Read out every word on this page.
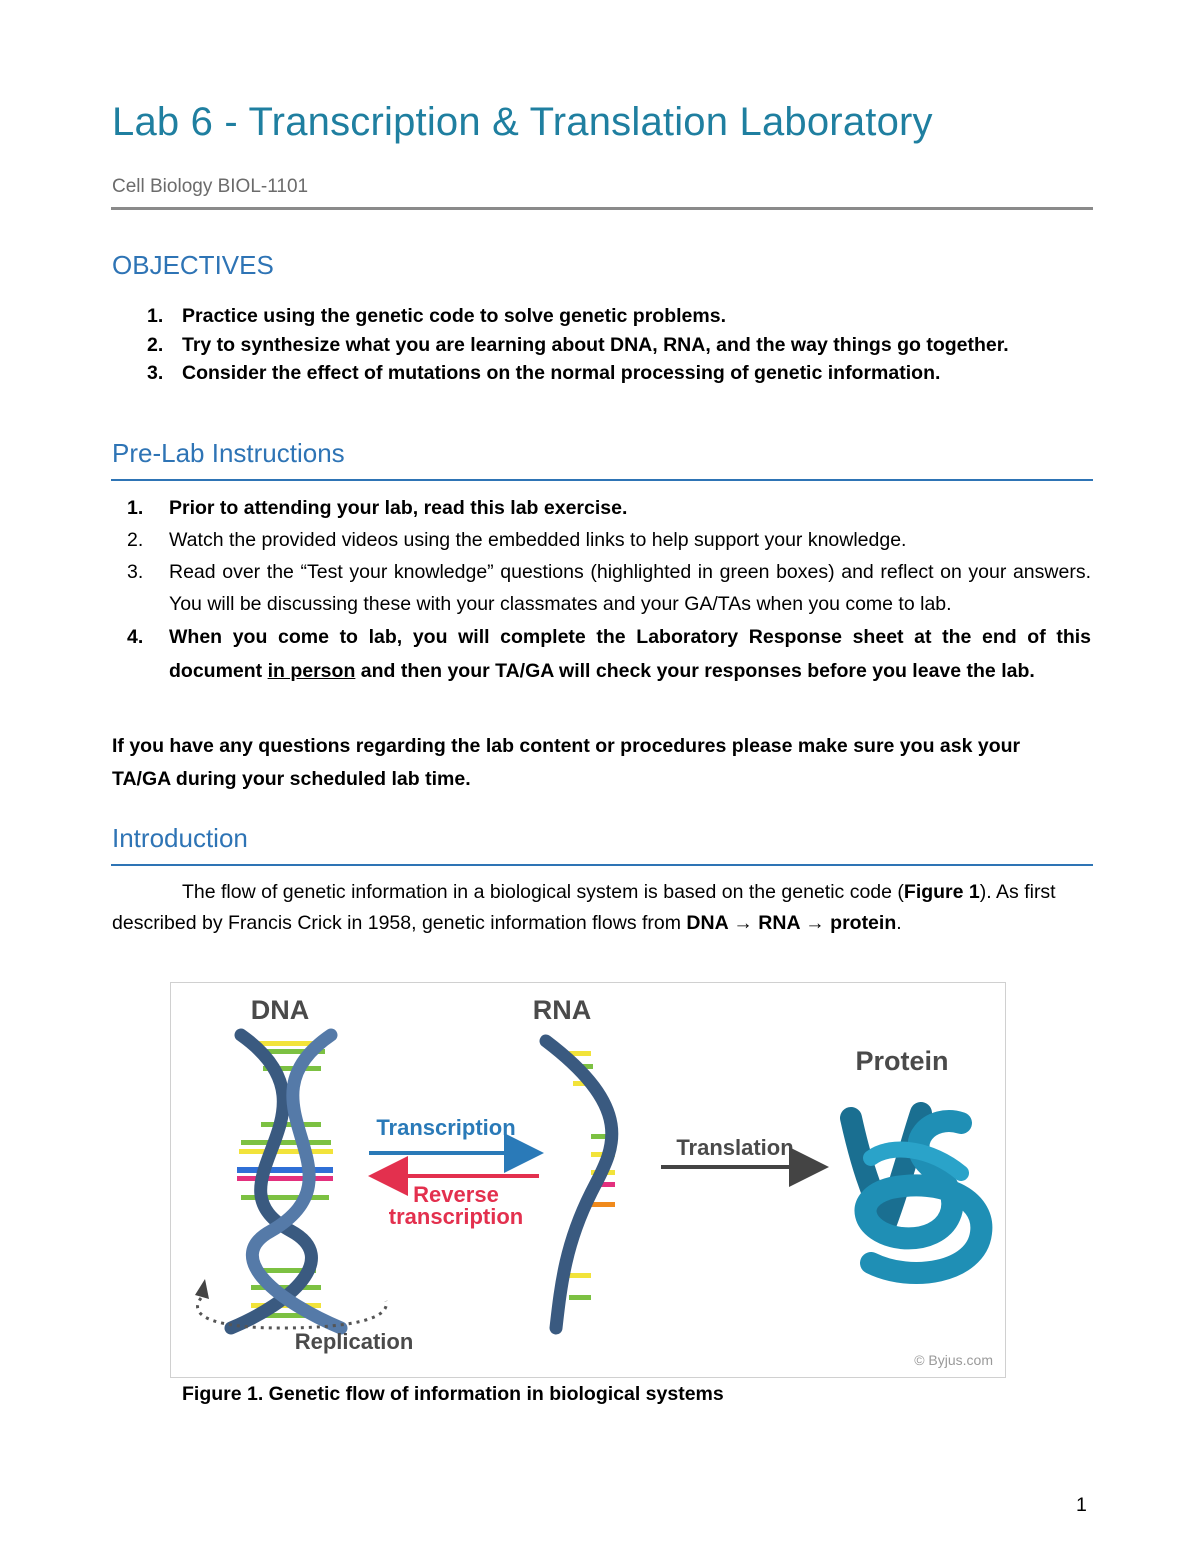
Lab 6 - Transcription & Translation Laboratory
Cell Biology BIOL-1101
OBJECTIVES
1. Practice using the genetic code to solve genetic problems.
2. Try to synthesize what you are learning about DNA, RNA, and the way things go together.
3. Consider the effect of mutations on the normal processing of genetic information.
Pre-Lab Instructions
1. Prior to attending your lab, read this lab exercise.
2. Watch the provided videos using the embedded links to help support your knowledge.
3. Read over the “Test your knowledge” questions (highlighted in green boxes) and reflect on your answers. You will be discussing these with your classmates and your GA/TAs when you come to lab.
4. When you come to lab, you will complete the Laboratory Response sheet at the end of this document in person and then your TA/GA will check your responses before you leave the lab.

If you have any questions regarding the lab content or procedures please make sure you ask your TA/GA during your scheduled lab time.

Introduction

The flow of genetic information in a biological system is based on the genetic code (Figure 1). As first described by Francis Crick in 1958, genetic information flows from DNA → RNA → protein.

DNA	RNA
Protein
Transcription
Reverse
transcription
Translation
Replication
© Byjus.com
Figure 1. Genetic flow of information in biological systems
1
